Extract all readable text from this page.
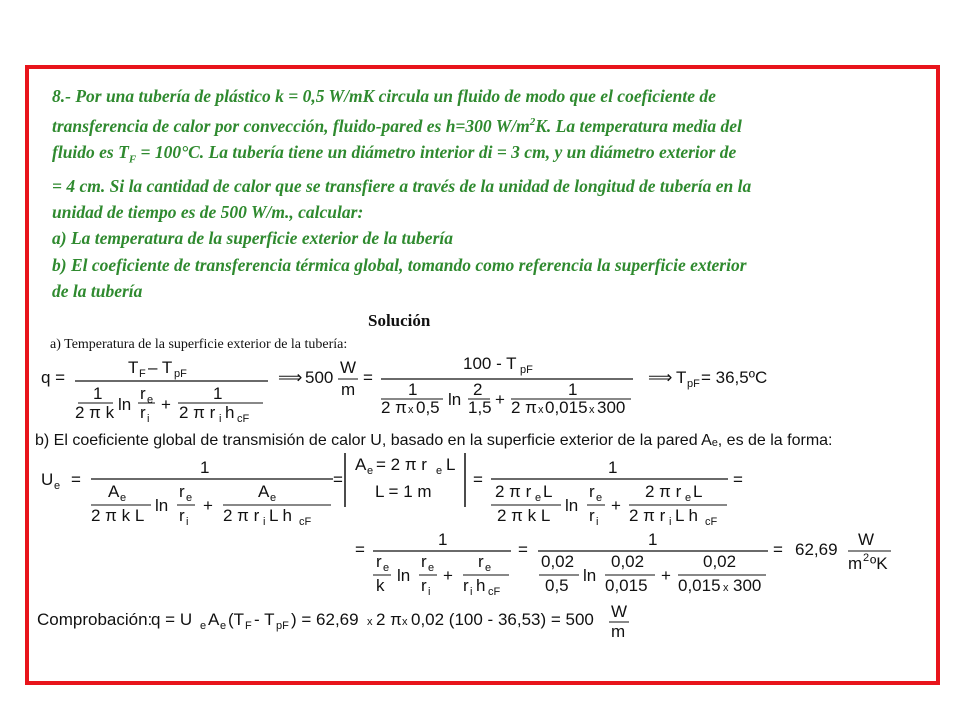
8.- Por una tubería de plástico k = 0,5 W/mK circula un fluido de modo que el coeficiente de

transferencia de calor por convección, fluido-pared es h=300 $W/m^2K$. La temperatura media del

fluido es $T_F = 100^\circ C$. La tubería tiene un diámetro interior di = 3 cm, y un diámetro exterior de

= 4 cm. Si la cantidad de calor que se transfiere a través de la unidad de longitud de tubería en la

unidad de tiempo es de 500 W/m., calcular:

a) La temperatura de la superficie exterior de la tubería

b) El coeficiente de transferencia térmica global, tomando como referencia la superficie exterior

de la tubería

Solución
a) Temperatura de la superficie exterior de la tubería:
q =
T F – T pF
1
2 π k ln
r e
r i
+
1
2 π r i h cF
⟹ 500
W
m
=
100 - T pF
1
2 π x 0,5 ln
2
1,5 +
1
2 π x 0,015 x 300
⟹ T pF = 36,5ºC
b) El coeficiente global de transmisión de calor U, basado en la superficie exterior de la pared Aₑ, es de la forma:
U e =
1
A e
2 π k L
ln
r e
r i
+
A e
2 π r i L h cF
=
A e = 2 π r e L
L = 1 m
=
1
2 π r e L
2 π k L
ln
r e
r i
+
2 π r e L
2 π r i L h cF
=
=
1
r e
k
ln
r e
r i
+
r e
r i h cF
=
1
0,02
0,5
ln
0,02
0,015
+
0,02
0,015 x 300
= 62,69
W
m 2 ºK
Comprobación:
q = U e A e (T F - T pF ) = 62,69 x 2 π x 0,02 (100 - 36,53) = 500 W
m
